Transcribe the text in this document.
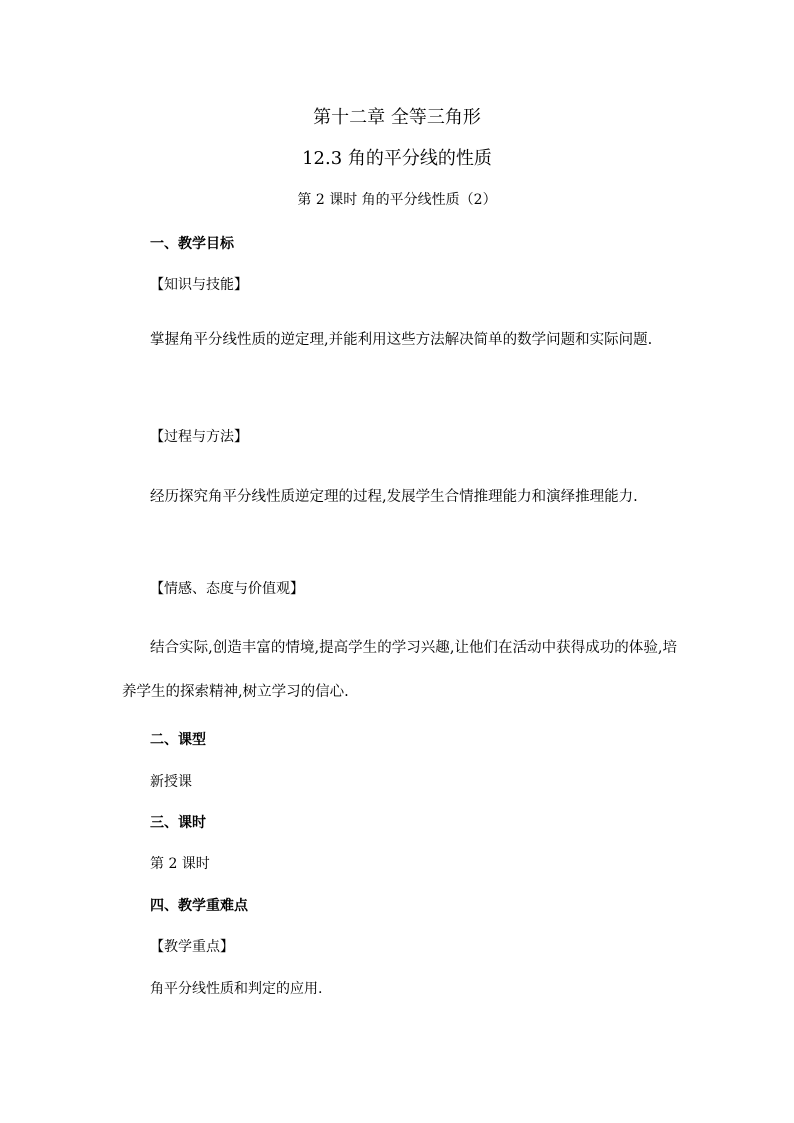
第十二章 全等三角形
12.3 角的平分线的性质
第 2 课时 角的平分线性质（2）
一、教学目标
【知识与技能】
掌握角平分线性质的逆定理,并能利用这些方法解决简单的数学问题和实际问题.
【过程与方法】
经历探究角平分线性质逆定理的过程,发展学生合情推理能力和演绎推理能力.
【情感、态度与价值观】
结合实际,创造丰富的情境,提高学生的学习兴趣,让他们在活动中获得成功的体验,培养学生的探索精神,树立学习的信心.
二、课型
新授课
三、课时
第 2 课时
四、教学重难点
【教学重点】
角平分线性质和判定的应用.
